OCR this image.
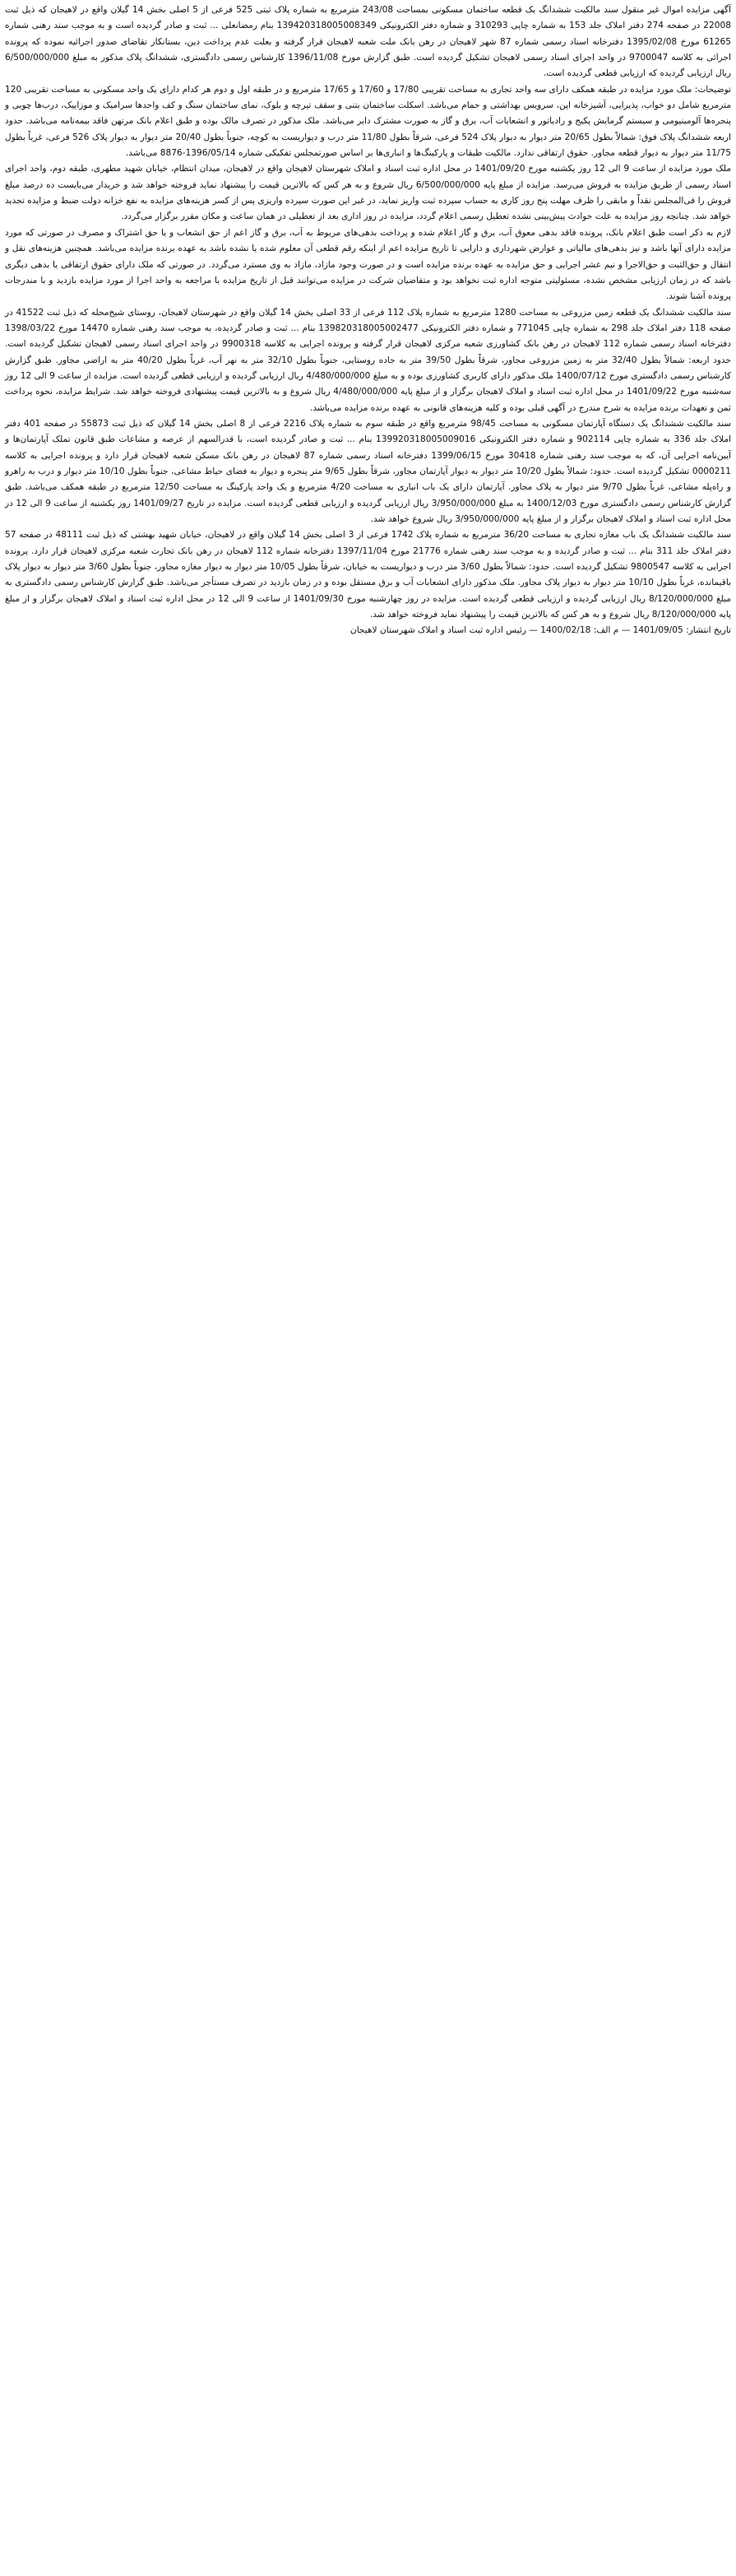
آگهی مزایده اموال غیر منقول سند مالکیت ششدانگ یک قطعه ساختمان مسکونی بمساحت 243/08 مترمربع به شماره پلاک ثبتی 525 فرعی از 5 اصلی بخش 14 گیلان واقع در لاهیجان که ذیل ثبت 22008 در صفحه 274 دفتر املاک جلد 153 به شماره چاپی 310293 و شماره دفتر الکترونیکی 139420318005008349 بنام رمضانعلی ... ثبت و صادر گردیده است و به موجب سند رهنی شماره 61265 مورخ 1395/02/08 دفترخانه اسناد رسمی شماره 87 شهر لاهیجان در رهن بانک ملت شعبه لاهیجان قرار گرفته و بعلت عدم پرداخت دین، بستانکار تقاضای صدور اجرائیه نموده که پرونده اجرائی به کلاسه 9700047 در واحد اجرای اسناد رسمی لاهیجان تشکیل گردیده است. طبق گزارش مورخ 1396/11/08 کارشناس رسمی دادگستری، ششدانگ پلاک مذکور به مبلغ 6/500/000/000 ریال ارزیابی گردیده که ارزیابی قطعی گردیده است.

توضیحات: ملک مورد مزایده در طبقه همکف دارای سه واحد تجاری به مساحت تقریبی 17/80 و 17/60 و 17/65 مترمربع و در طبقه اول و دوم هر کدام دارای یک واحد مسکونی به مساحت تقریبی 120 مترمربع شامل دو خواب، پذیرایی، آشپزخانه اپن، سرویس بهداشتی و حمام می‌باشد. اسکلت ساختمان بتنی و سقف تیرچه و بلوک، نمای ساختمان سنگ و کف واحدها سرامیک و موزاییک، درب‌ها چوبی و پنجره‌ها آلومینیومی و سیستم گرمایش پکیج و رادیاتور و انشعابات آب، برق و گاز به صورت مشترک دایر می‌باشد. ملک مذکور در تصرف مالک بوده و طبق اعلام بانک مرتهن فاقد بیمه‌نامه می‌باشد. حدود اربعه ششدانگ پلاک فوق: شمالاً بطول 20/65 متر دیوار به دیوار پلاک 524 فرعی، شرقاً بطول 11/80 متر درب و دیواریست به کوچه، جنوباً بطول 20/40 متر دیوار به دیوار پلاک 526 فرعی، غرباً بطول 11/75 متر دیوار به دیوار قطعه مجاور. حقوق ارتفاقی ندارد. مالکیت طبقات و پارکینگ‌ها و انباری‌ها بر اساس صورتمجلس تفکیکی شماره 1396/05/14-8876 می‌باشد.

ملک مورد مزایده از ساعت 9 الی 12 روز یکشنبه مورخ 1401/09/20 در محل اداره ثبت اسناد و املاک شهرستان لاهیجان واقع در لاهیجان، میدان انتظام، خیابان شهید مطهری، طبقه دوم، واحد اجرای اسناد رسمی از طریق مزایده به فروش می‌رسد. مزایده از مبلغ پایه 6/500/000/000 ریال شروع و به هر کس که بالاترین قیمت را پیشنهاد نماید فروخته خواهد شد و خریدار می‌بایست ده درصد مبلغ فروش را فی‌المجلس نقداً و مابقی را ظرف مهلت پنج روز کاری به حساب سپرده ثبت واریز نماید، در غیر این صورت سپرده واریزی پس از کسر هزینه‌های مزایده به نفع خزانه دولت ضبط و مزایده تجدید خواهد شد. چنانچه روز مزایده به علت حوادث پیش‌بینی نشده تعطیل رسمی اعلام گردد، مزایده در روز اداری بعد از تعطیلی در همان ساعت و مکان مقرر برگزار می‌گردد.

لازم به ذکر است طبق اعلام بانک، پرونده فاقد بدهی معوق آب، برق و گاز اعلام شده و پرداخت بدهی‌های مربوط به آب، برق و گاز اعم از حق انشعاب و یا حق اشتراک و مصرف در صورتی که مورد مزایده دارای آنها باشد و نیز بدهی‌های مالیاتی و عوارض شهرداری و دارایی تا تاریخ مزایده اعم از اینکه رقم قطعی آن معلوم شده یا نشده باشد به عهده برنده مزایده می‌باشد. همچنین هزینه‌های نقل و انتقال و حق‌الثبت و حق‌الاجرا و نیم عشر اجرایی و حق مزایده به عهده برنده مزایده است و در صورت وجود مازاد، مازاد به وی مسترد می‌گردد. در صورتی که ملک دارای حقوق ارتفاقی یا بدهی دیگری باشد که در زمان ارزیابی مشخص نشده، مسئولیتی متوجه اداره ثبت نخواهد بود و متقاضیان شرکت در مزایده می‌توانند قبل از تاریخ مزایده با مراجعه به واحد اجرا از مورد مزایده بازدید و با مندرجات پرونده آشنا شوند.

سند مالکیت ششدانگ یک قطعه زمین مزروعی به مساحت 1280 مترمربع به شماره پلاک 112 فرعی از 33 اصلی بخش 14 گیلان واقع در شهرستان لاهیجان، روستای شیخ‌محله که ذیل ثبت 41522 در صفحه 118 دفتر املاک جلد 298 به شماره چاپی 771045 و شماره دفتر الکترونیکی 139820318005002477 بنام ... ثبت و صادر گردیده، به موجب سند رهنی شماره 14470 مورخ 1398/03/22 دفترخانه اسناد رسمی شماره 112 لاهیجان در رهن بانک کشاورزی شعبه مرکزی لاهیجان قرار گرفته و پرونده اجرایی به کلاسه 9900318 در واحد اجرای اسناد رسمی لاهیجان تشکیل گردیده است. حدود اربعه: شمالاً بطول 32/40 متر به زمین مزروعی مجاور، شرقاً بطول 39/50 متر به جاده روستایی، جنوباً بطول 32/10 متر به نهر آب، غرباً بطول 40/20 متر به اراضی مجاور. طبق گزارش کارشناس رسمی دادگستری مورخ 1400/07/12 ملک مذکور دارای کاربری کشاورزی بوده و به مبلغ 4/480/000/000 ریال ارزیابی گردیده و ارزیابی قطعی گردیده است. مزایده از ساعت 9 الی 12 روز سه‌شنبه مورخ 1401/09/22 در محل اداره ثبت اسناد و املاک لاهیجان برگزار و از مبلغ پایه 4/480/000/000 ریال شروع و به بالاترین قیمت پیشنهادی فروخته خواهد شد. شرایط مزایده، نحوه پرداخت ثمن و تعهدات برنده مزایده به شرح مندرج در آگهی قبلی بوده و کلیه هزینه‌های قانونی به عهده برنده مزایده می‌باشد.

سند مالکیت ششدانگ یک دستگاه آپارتمان مسکونی به مساحت 98/45 مترمربع واقع در طبقه سوم به شماره پلاک 2216 فرعی از 8 اصلی بخش 14 گیلان که ذیل ثبت 55873 در صفحه 401 دفتر املاک جلد 336 به شماره چاپی 902114 و شماره دفتر الکترونیکی 139920318005009016 بنام ... ثبت و صادر گردیده است، با قدرالسهم از عرصه و مشاعات طبق قانون تملک آپارتمان‌ها و آیین‌نامه اجرایی آن، که به موجب سند رهنی شماره 30418 مورخ 1399/06/15 دفترخانه اسناد رسمی شماره 87 لاهیجان در رهن بانک مسکن شعبه لاهیجان قرار دارد و پرونده اجرایی به کلاسه 0000211 تشکیل گردیده است. حدود: شمالاً بطول 10/20 متر دیوار به دیوار آپارتمان مجاور، شرقاً بطول 9/65 متر پنجره و دیوار به فضای حیاط مشاعی، جنوباً بطول 10/10 متر دیوار و درب به راهرو و راه‌پله مشاعی، غرباً بطول 9/70 متر دیوار به پلاک مجاور. آپارتمان دارای یک باب انباری به مساحت 4/20 مترمربع و یک واحد پارکینگ به مساحت 12/50 مترمربع در طبقه همکف می‌باشد. طبق گزارش کارشناس رسمی دادگستری مورخ 1400/12/03 به مبلغ 3/950/000/000 ریال ارزیابی گردیده و ارزیابی قطعی گردیده است. مزایده در تاریخ 1401/09/27 روز یکشنبه از ساعت 9 الی 12 در محل اداره ثبت اسناد و املاک لاهیجان برگزار و از مبلغ پایه 3/950/000/000 ریال شروع خواهد شد.

سند مالکیت ششدانگ یک باب مغازه تجاری به مساحت 36/20 مترمربع به شماره پلاک 1742 فرعی از 3 اصلی بخش 14 گیلان واقع در لاهیجان، خیابان شهید بهشتی که ذیل ثبت 48111 در صفحه 57 دفتر املاک جلد 311 بنام ... ثبت و صادر گردیده و به موجب سند رهنی شماره 21776 مورخ 1397/11/04 دفترخانه شماره 112 لاهیجان در رهن بانک تجارت شعبه مرکزی لاهیجان قرار دارد. پرونده اجرایی به کلاسه 9800547 تشکیل گردیده است. حدود: شمالاً بطول 3/60 متر درب و دیواریست به خیابان، شرقاً بطول 10/05 متر دیوار به دیوار مغازه مجاور، جنوباً بطول 3/60 متر دیوار به دیوار پلاک باقیمانده، غرباً بطول 10/10 متر دیوار به دیوار پلاک مجاور. ملک مذکور دارای انشعابات آب و برق مستقل بوده و در زمان بازدید در تصرف مستأجر می‌باشد. طبق گزارش کارشناس رسمی دادگستری به مبلغ 8/120/000/000 ریال ارزیابی گردیده و ارزیابی قطعی گردیده است. مزایده در روز چهارشنبه مورخ 1401/09/30 از ساعت 9 الی 12 در محل اداره ثبت اسناد و املاک لاهیجان برگزار و از مبلغ پایه 8/120/000/000 ریال شروع و به هر کس که بالاترین قیمت را پیشنهاد نماید فروخته خواهد شد.

تاریخ انتشار: 1401/09/05 — م الف: 1400/02/18 — رئیس اداره ثبت اسناد و املاک شهرستان لاهیجان
